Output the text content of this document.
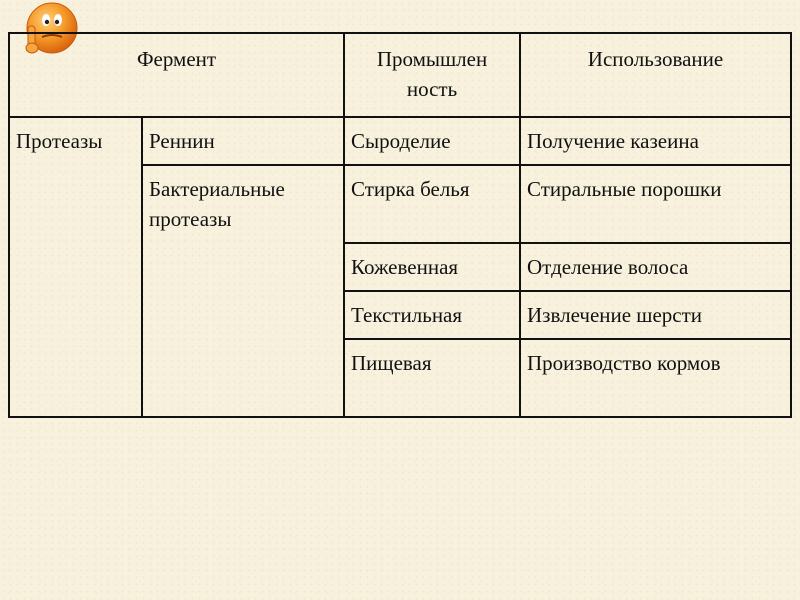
Фермент		Промышлен ность	Использование
Протеазы	Реннин	Сыроделие	Получение казеина
	Бактериальные протеазы	Стирка белья	Стиральные порошки
		Кожевенная	Отделение волоса
		Текстильная	Извлечение шерсти
		Пищевая	Производство кормов
